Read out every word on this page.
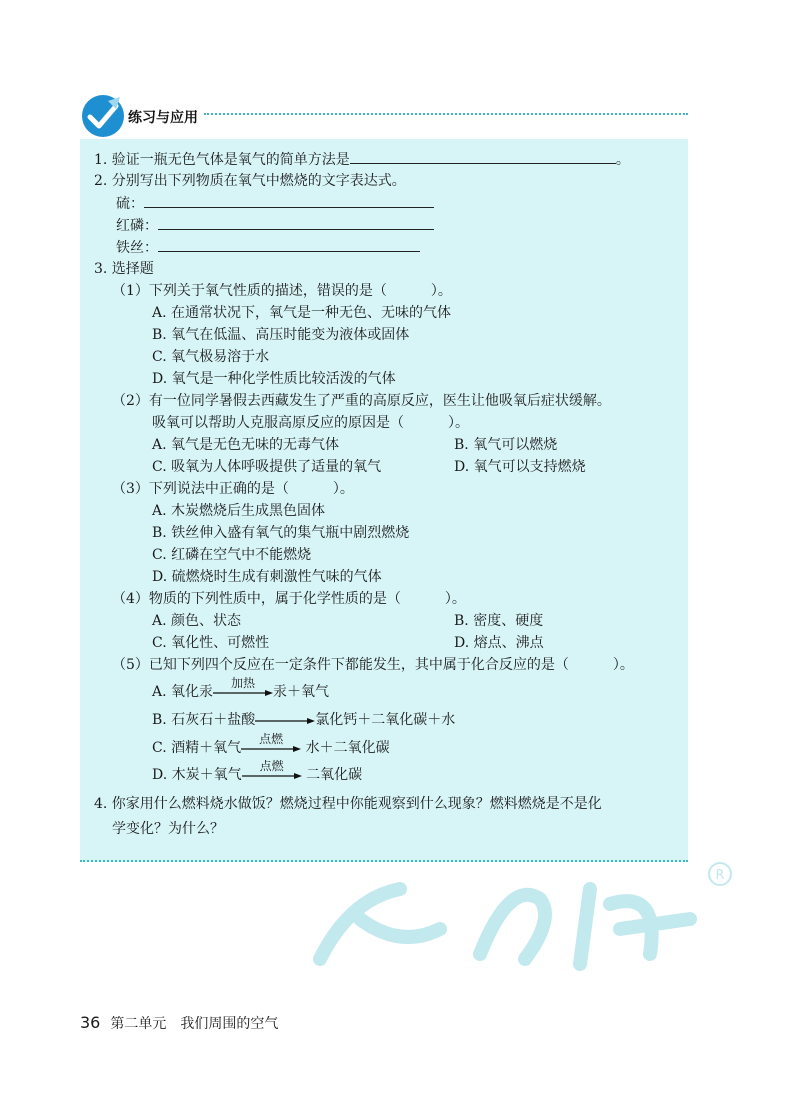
练习与应用
R
1. 验证一瓶无色气体是氧气的简单方法是	。
2. 分别写出下列物质在氧气中燃烧的文字表达式。
硫：
红磷：
铁丝：
3. 选择题
（1）下列关于氧气性质的描述，错误的是（	）。
A. 在通常状况下，氧气是一种无色、无味的气体
B. 氧气在低温、高压时能变为液体或固体
C. 氧气极易溶于水
D. 氧气是一种化学性质比较活泼的气体
（2）有一位同学暑假去西藏发生了严重的高原反应，医生让他吸氧后症状缓解。
吸氧可以帮助人克服高原反应的原因是（	）。
A. 氧气是无色无味的无毒气体	B. 氧气可以燃烧
C. 吸氧为人体呼吸提供了适量的氧气	D. 氧气可以支持燃烧
（3）下列说法中正确的是（	）。
A. 木炭燃烧后生成黑色固体
B. 铁丝伸入盛有氧气的集气瓶中剧烈燃烧
C. 红磷在空气中不能燃烧
D. 硫燃烧时生成有刺激性气味的气体
（4）物质的下列性质中，属于化学性质的是（	）。
A. 颜色、状态	B. 密度、硬度
C. 氧化性、可燃性	D. 熔点、沸点
（5）已知下列四个反应在一定条件下都能发生，其中属于化合反应的是（	）。
A. 氧化汞
加热
汞＋氧气
B. 石灰石＋盐酸	氯化钙＋二氧化碳＋水
C. 酒精＋氧气
点燃
水＋二氧化碳
D. 木炭＋氧气
点燃
二氧化碳
4. 你家用什么燃料烧水做饭？燃烧过程中你能观察到什么现象？燃料燃烧是不是化
学变化？为什么？
36 第二单元　我们周围的空气
